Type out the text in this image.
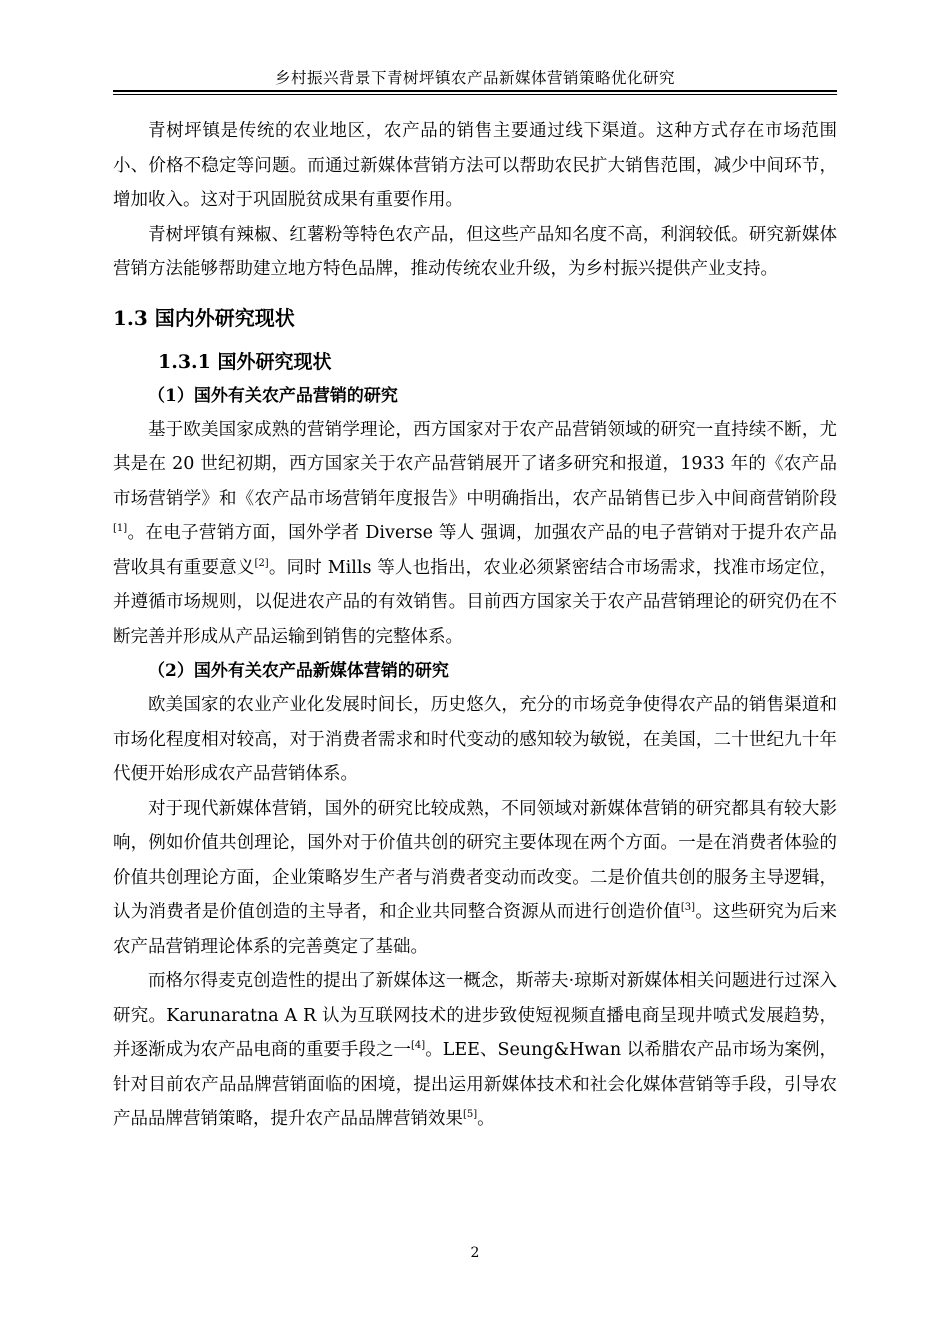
乡村振兴背景下青树坪镇农产品新媒体营销策略优化研究

青树坪镇是传统的农业地区，农产品的销售主要通过线下渠道。这种方式存在市场范围小、价格不稳定等问题。而通过新媒体营销方法可以帮助农民扩大销售范围，减少中间环节，增加收入。这对于巩固脱贫成果有重要作用。

青树坪镇有辣椒、红薯粉等特色农产品，但这些产品知名度不高，利润较低。研究新媒体营销方法能够帮助建立地方特色品牌，推动传统农业升级，为乡村振兴提供产业支持。

1.3 国内外研究现状
1.3.1 国外研究现状
（1）国外有关农产品营销的研究

基于欧美国家成熟的营销学理论，西方国家对于农产品营销领域的研究一直持续不断，尤其是在 20 世纪初期，西方国家关于农产品营销展开了诸多研究和报道，1933 年的《农产品市场营销学》和《农产品市场营销年度报告》中明确指出，农产品销售已步入中间商营销阶段[1]。在电子营销方面，国外学者 Diverse 等人 强调，加强农产品的电子营销对于提升农产品营收具有重要意义[2]。同时 Mills 等人也指出，农业必须紧密结合市场需求，找准市场定位，并遵循市场规则，以促进农产品的有效销售。目前西方国家关于农产品营销理论的研究仍在不断完善并形成从产品运输到销售的完整体系。

（2）国外有关农产品新媒体营销的研究

欧美国家的农业产业化发展时间长，历史悠久，充分的市场竞争使得农产品的销售渠道和市场化程度相对较高，对于消费者需求和时代变动的感知较为敏锐，在美国，二十世纪九十年代便开始形成农产品营销体系。

对于现代新媒体营销，国外的研究比较成熟，不同领域对新媒体营销的研究都具有较大影响，例如价值共创理论，国外对于价值共创的研究主要体现在两个方面。一是在消费者体验的价值共创理论方面，企业策略岁生产者与消费者变动而改变。二是价值共创的服务主导逻辑，认为消费者是价值创造的主导者，和企业共同整合资源从而进行创造价值[3]。这些研究为后来农产品营销理论体系的完善奠定了基础。

而格尔得麦克创造性的提出了新媒体这一概念，斯蒂夫·琼斯对新媒体相关问题进行过深入研究。Karunaratna A R 认为互联网技术的进步致使短视频直播电商呈现井喷式发展趋势，并逐渐成为农产品电商的重要手段之一[4]。LEE、Seung&Hwan 以希腊农产品市场为案例，针对目前农产品品牌营销面临的困境，提出运用新媒体技术和社会化媒体营销等手段，引导农产品品牌营销策略，提升农产品品牌营销效果[5]。

2
